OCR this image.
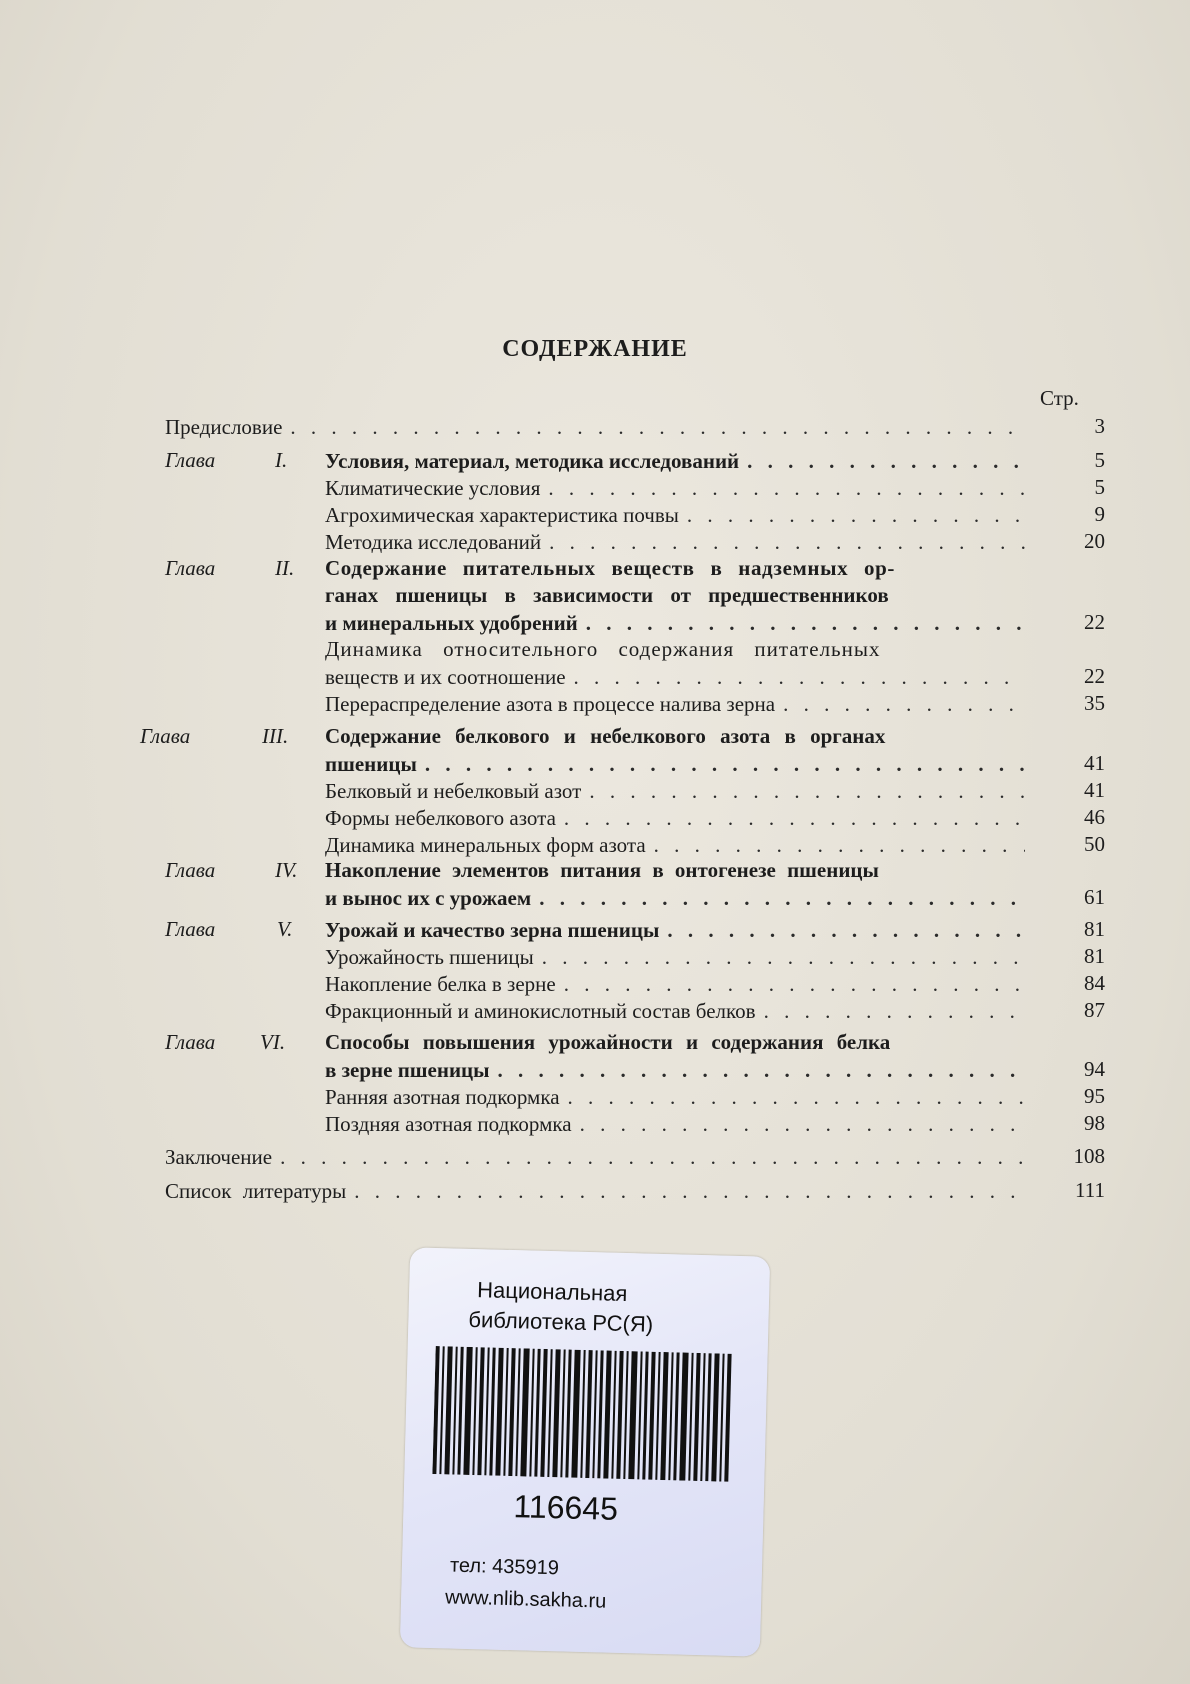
СОДЕРЖАНИЕ
Стр.
Предисловие . . .	3
Глава	I. Условия, материал, методика исследований . . .	5
Климатические условия . . .	5
Агрохимическая характеристика почвы . . .	9
Методика исследований . . .	20
Глава	II. Содержание питательных веществ в надземных ор-
ганах пшеницы в зависимости от предшественников
и минеральных удобрений . . .	22
Динамика относительного содержания питательных
веществ и их соотношение . . .	22
Перераспределение азота в процессе налива зерна . . .	35
Глава	III. Содержание белкового и небелкового азота в органах
пшеницы . . .	41
Белковый и небелковый азот . . .	41
Формы небелкового азота . . .	46
Динамика минеральных форм азота . . .	50
Глава	IV. Накопление элементов питания в онтогенезе пшеницы
и вынос их с урожаем . . .	61
Глава	V. Урожай и качество зерна пшеницы . . .	81
Урожайность пшеницы . . .	81
Накопление белка в зерне . . .	84
Фракционный и аминокислотный состав белков . . .	87
Глава VI. Способы повышения урожайности и содержания белка
в зерне пшеницы . . .	94
Ранняя азотная подкормка . . .	95
Поздняя азотная подкормка . . .	98
Заключение . . .	108
Список литературы . . .	111
Национальная
библиотека РС(Я)
116645
тел: 435919
www.nlib.sakha.ru
